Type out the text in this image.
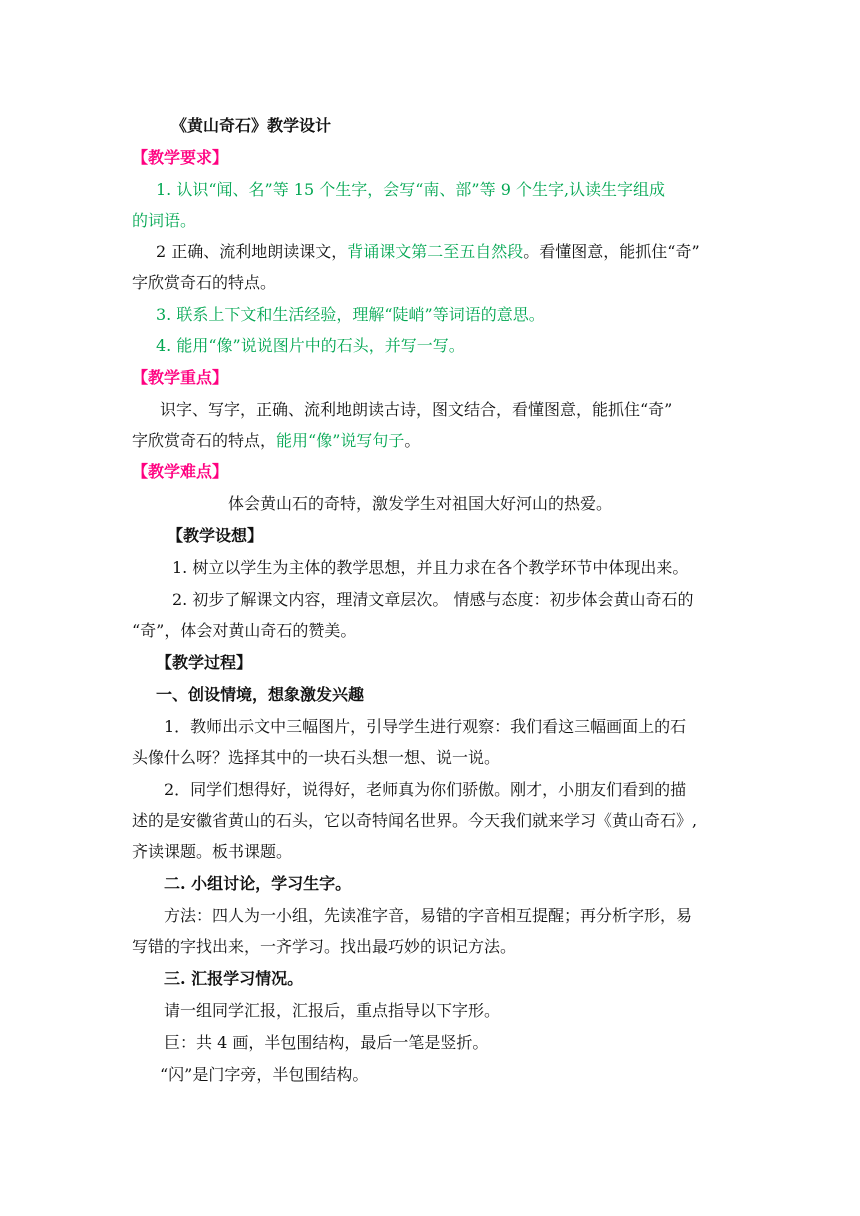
《黄山奇石》教学设计
【教学要求】
1. 认识“闻、名”等 15 个生字，会写“南、部”等 9 个生字,认读生字组成
的词语。
2 正确、流利地朗读课文，背诵课文第二至五自然段。看懂图意，能抓住“奇”
字欣赏奇石的特点。
3. 联系上下文和生活经验，理解“陡峭”等词语的意思。
4. 能用“像”说说图片中的石头，并写一写。
【教学重点】
识字、写字，正确、流利地朗读古诗，图文结合，看懂图意，能抓住“奇”
字欣赏奇石的特点，能用“像”说写句子。
【教学难点】
体会黄山石的奇特，激发学生对祖国大好河山的热爱。
【教学设想】
1. 树立以学生为主体的教学思想，并且力求在各个教学环节中体现出来。
2. 初步了解课文内容，理清文章层次。 情感与态度：初步体会黄山奇石的
“奇”，体会对黄山奇石的赞美。
【教学过程】
一、创设情境，想象激发兴趣
1．教师出示文中三幅图片，引导学生进行观察：我们看这三幅画面上的石
头像什么呀？选择其中的一块石头想一想、说一说。
2．同学们想得好，说得好，老师真为你们骄傲。刚才，小朋友们看到的描
述的是安徽省黄山的石头，它以奇特闻名世界。今天我们就来学习《黄山奇石》,
齐读课题。板书课题。
二. 小组讨论，学习生字。
方法：四人为一小组，先读准字音，易错的字音相互提醒；再分析字形，易
写错的字找出来，一齐学习。找出最巧妙的识记方法。
三. 汇报学习情况。
请一组同学汇报，汇报后，重点指导以下字形。
巨：共 4 画，半包围结构，最后一笔是竖折。
“闪”是门字旁，半包围结构。
